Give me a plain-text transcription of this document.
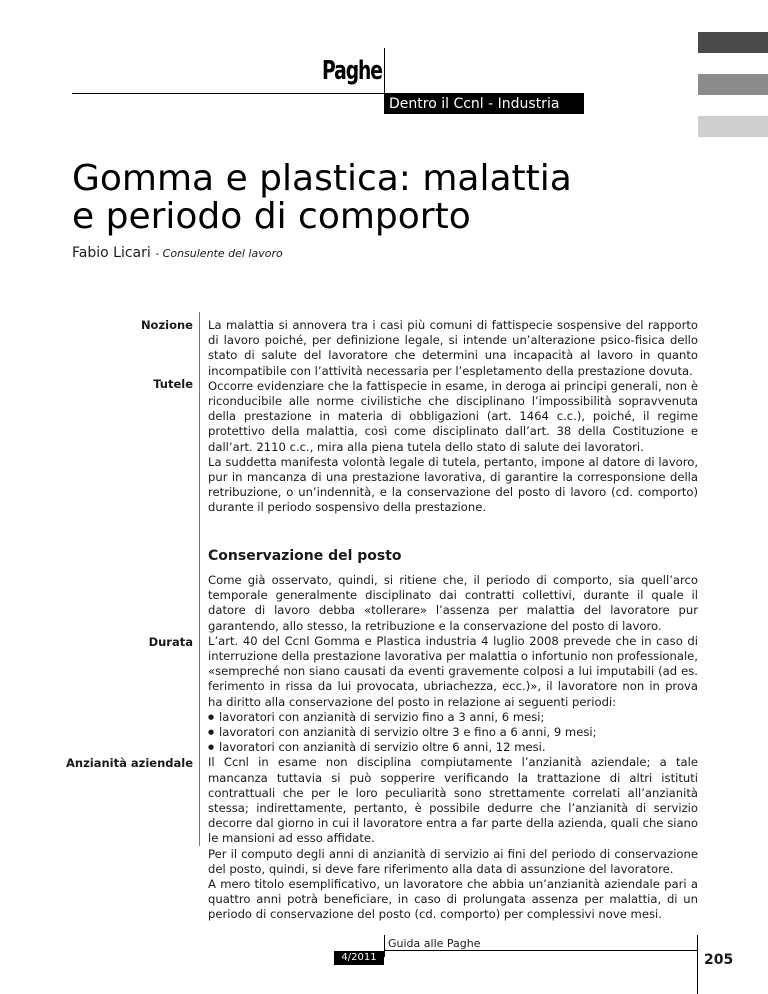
Paghe
Dentro il Ccnl - Industria
Gomma e plastica: malattia
e periodo di comporto
Fabio Licari - Consulente del lavoro
Nozione
Tutele
Durata
Anzianità aziendale

La malattia si annovera tra i casi più comuni di fattispecie sospensive del rapporto di lavoro poiché, per definizione legale, si intende un’alterazione psico-fisica dello stato di salute del lavoratore che determini una incapacità al lavoro in quanto incompatibile con l’attività necessaria per l’espletamento della prestazione dovuta.

Occorre evidenziare che la fattispecie in esame, in deroga ai principi generali, non è riconducibile alle norme civilistiche che disciplinano l’impossibilità sopravvenuta della prestazione in materia di obbligazioni (art. 1464 c.c.), poiché, il regime protettivo della malattia, così come disciplinato dall’art. 38 della Costituzione e dall’art. 2110 c.c., mira alla piena tutela dello stato di salute dei lavoratori.

La suddetta manifesta volontà legale di tutela, pertanto, impone al datore di lavoro, pur in mancanza di una prestazione lavorativa, di garantire la corresponsione della retribuzione, o un’indennità, e la conservazione del posto di lavoro (cd. comporto) durante il periodo sospensivo della prestazione.

Conservazione del posto

Come già osservato, quindi, si ritiene che, il periodo di comporto, sia quell’arco temporale generalmente disciplinato dai contratti collettivi, durante il quale il datore di lavoro debba «tollerare» l’assenza per malattia del lavoratore pur garantendo, allo stesso, la retribuzione e la conservazione del posto di lavoro.

L’art. 40 del Ccnl Gomma e Plastica industria 4 luglio 2008 prevede che in caso di interruzione della prestazione lavorativa per malattia o infortunio non professionale, «sempreché non siano causati da eventi gravemente colposi a lui imputabili (ad es. ferimento in rissa da lui provocata, ubriachezza, ecc.)», il lavoratore non in prova ha diritto alla conservazione del posto in relazione ai seguenti periodi:

● lavoratori con anzianità di servizio fino a 3 anni, 6 mesi;
● lavoratori con anzianità di servizio oltre 3 e fino a 6 anni, 9 mesi;
● lavoratori con anzianità di servizio oltre 6 anni, 12 mesi.

Il Ccnl in esame non disciplina compiutamente l’anzianità aziendale; a tale mancanza tuttavia si può sopperire verificando la trattazione di altri istituti contrattuali che per le loro peculiarità sono strettamente correlati all’anzianità stessa; indirettamente, pertanto, è possibile dedurre che l’anzianità di servizio decorre dal giorno in cui il lavoratore entra a far parte della azienda, quali che siano le mansioni ad esso affidate.

Per il computo degli anni di anzianità di servizio ai fini del periodo di conservazione del posto, quindi, si deve fare riferimento alla data di assunzione del lavoratore.

A mero titolo esemplificativo, un lavoratore che abbia un’anzianità aziendale pari a quattro anni potrà beneficiare, in caso di prolungata assenza per malattia, di un periodo di conservazione del posto (cd. comporto) per complessivi nove mesi.

Guida alle Paghe
4/2011	205
